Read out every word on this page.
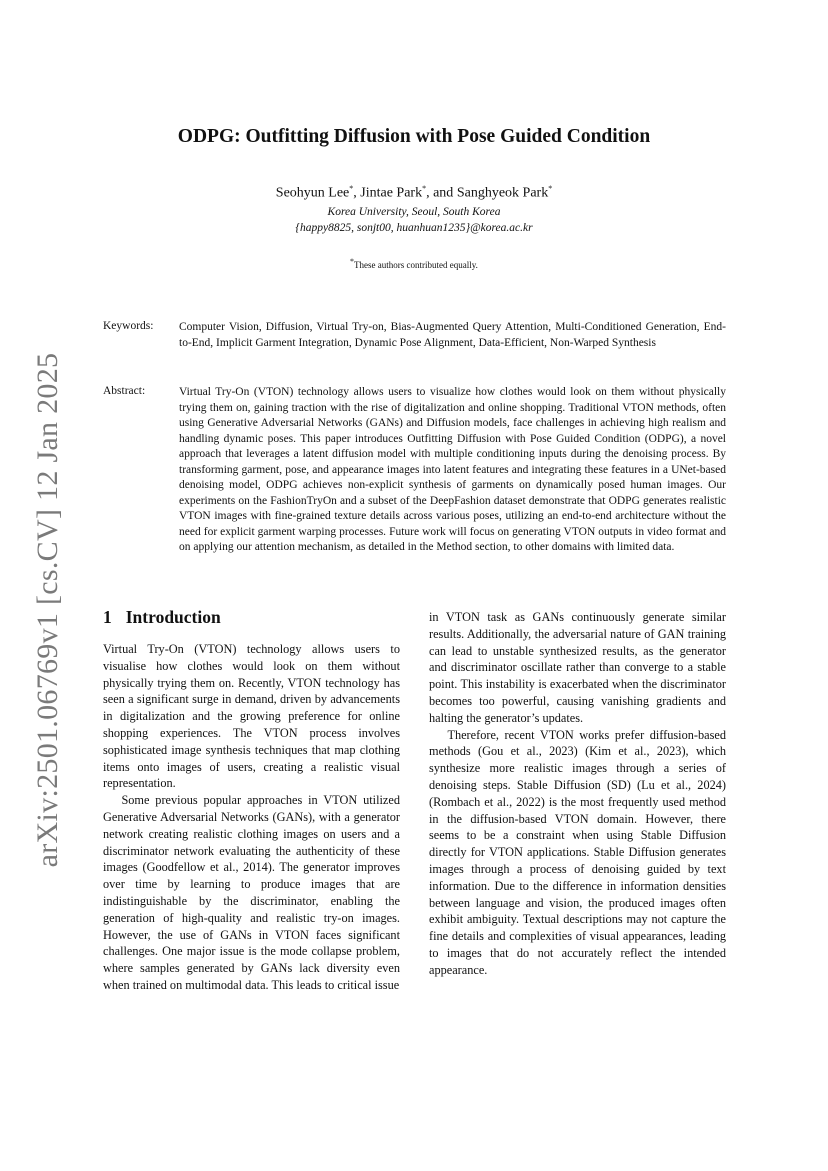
arXiv:2501.06769v1 [cs.CV] 12 Jan 2025
ODPG: Outfitting Diffusion with Pose Guided Condition
Seohyun Lee*, Jintae Park*, and Sanghyeok Park*
Korea University, Seoul, South Korea
{happy8825, sonjt00, huanhuan1235}@korea.ac.kr
*These authors contributed equally.
Keywords: Computer Vision, Diffusion, Virtual Try-on, Bias-Augmented Query Attention, Multi-Conditioned Generation, End-to-End, Implicit Garment Integration, Dynamic Pose Alignment, Data-Efficient, Non-Warped Synthesis
Abstract:	Virtual Try-On (VTON) technology allows users to visualize how clothes would look on them without physically trying them on, gaining traction with the rise of digitalization and online shopping. Traditional VTON methods, often using Generative Adversarial Networks (GANs) and Diffusion models, face challenges in achieving high realism and handling dynamic poses. This paper introduces Outfitting Diffusion with Pose Guided Condition (ODPG), a novel approach that leverages a latent diffusion model with multiple conditioning inputs during the denoising process. By transforming garment, pose, and appearance images into latent features and integrating these features in a UNet-based denoising model, ODPG achieves non-explicit synthesis of garments on dynamically posed human images. Our experiments on the FashionTryOn and a subset of the DeepFashion dataset demonstrate that ODPG generates realistic VTON images with fine-grained texture details across various poses, utilizing an end-to-end architecture without the need for explicit garment warping processes. Future work will focus on generating VTON outputs in video format and on applying our attention mechanism, as detailed in the Method section, to other domains with limited data.
1 Introduction

Virtual Try-On (VTON) technology allows users to visualise how clothes would look on them without physically trying them on. Recently, VTON technology has seen a significant surge in demand, driven by advancements in digitalization and the growing preference for online shopping experiences. The VTON process involves sophisticated image synthesis techniques that map clothing items onto images of users, creating a realistic visual representation.

Some previous popular approaches in VTON utilized Generative Adversarial Networks (GANs), with a generator network creating realistic clothing images on users and a discriminator network evaluating the authenticity of these images (Goodfellow et al., 2014). The generator improves over time by learning to produce images that are indistinguishable by the discriminator, enabling the generation of high-quality and realistic try-on images. However, the use of GANs in VTON faces significant challenges. One major issue is the mode collapse problem, where samples generated by GANs lack diversity even when trained on multimodal data. This leads to critical issue

in VTON task as GANs continuously generate similar results. Additionally, the adversarial nature of GAN training can lead to unstable synthesized results, as the generator and discriminator oscillate rather than converge to a stable point. This instability is exacerbated when the discriminator becomes too powerful, causing vanishing gradients and halting the generator’s updates.

Therefore, recent VTON works prefer diffusion-based methods (Gou et al., 2023) (Kim et al., 2023), which synthesize more realistic images through a series of denoising steps. Stable Diffusion (SD) (Lu et al., 2024) (Rombach et al., 2022) is the most frequently used method in the diffusion-based VTON domain. However, there seems to be a constraint when using Stable Diffusion directly for VTON applications. Stable Diffusion generates images through a process of denoising guided by text information. Due to the difference in information densities between language and vision, the produced images often exhibit ambiguity. Textual descriptions may not capture the fine details and complexities of visual appearances, leading to images that do not accurately reflect the intended appearance.
